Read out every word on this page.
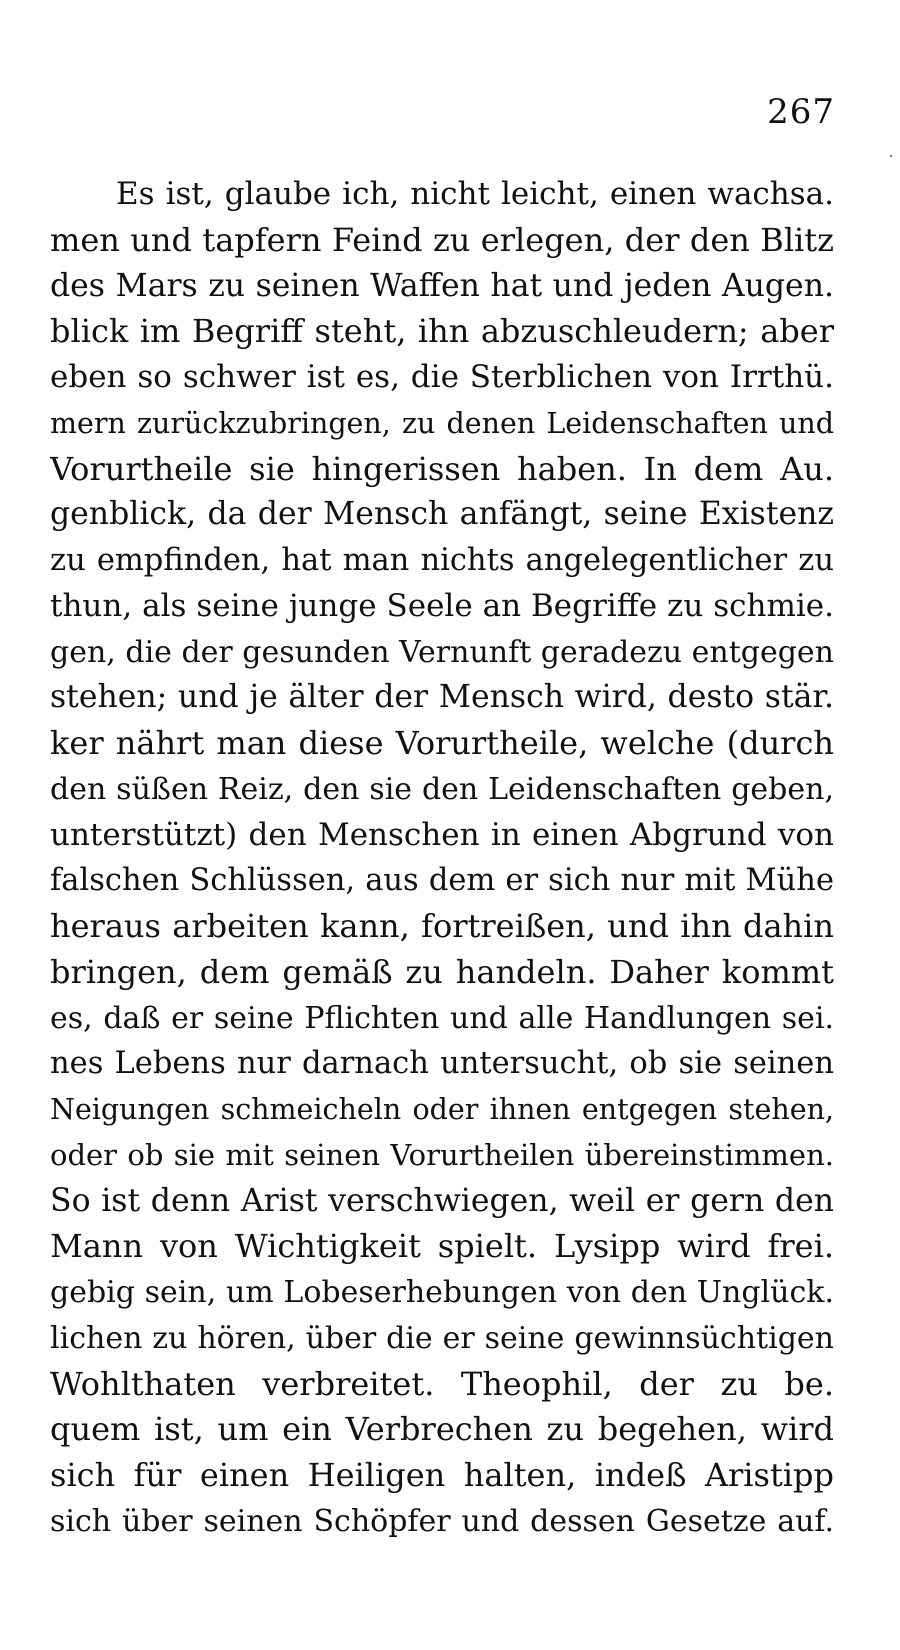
267
Es ist, glaube ich, nicht leicht, einen wachsa.
men und tapfern Feind zu erlegen, der den Blitz
des Mars zu seinen Waffen hat und jeden Augen.
blick im Begriff steht, ihn abzuschleudern; aber
eben so schwer ist es, die Sterblichen von Irrthü.
mern zurückzubringen, zu denen Leidenschaften und
Vorurtheile sie hingerissen haben. In dem Au.
genblick, da der Mensch anfängt, seine Existenz
zu empfinden, hat man nichts angelegentlicher zu
thun, als seine junge Seele an Begriffe zu schmie.
gen, die der gesunden Vernunft geradezu entgegen
stehen; und je älter der Mensch wird, desto stär.
ker nährt man diese Vorurtheile, welche (durch
den süßen Reiz, den sie den Leidenschaften geben,
unterstützt) den Menschen in einen Abgrund von
falschen Schlüssen, aus dem er sich nur mit Mühe
heraus arbeiten kann, fortreißen, und ihn dahin
bringen, dem gemäß zu handeln. Daher kommt
es, daß er seine Pflichten und alle Handlungen sei.
nes Lebens nur darnach untersucht, ob sie seinen
Neigungen schmeicheln oder ihnen entgegen stehen,
oder ob sie mit seinen Vorurtheilen übereinstimmen.
So ist denn Arist verschwiegen, weil er gern den
Mann von Wichtigkeit spielt. Lysipp wird frei.
gebig sein, um Lobeserhebungen von den Unglück.
lichen zu hören, über die er seine gewinnsüchtigen
Wohlthaten verbreitet. Theophil, der zu be.
quem ist, um ein Verbrechen zu begehen, wird
sich für einen Heiligen halten, indeß Aristipp
sich über seinen Schöpfer und dessen Gesetze auf.
